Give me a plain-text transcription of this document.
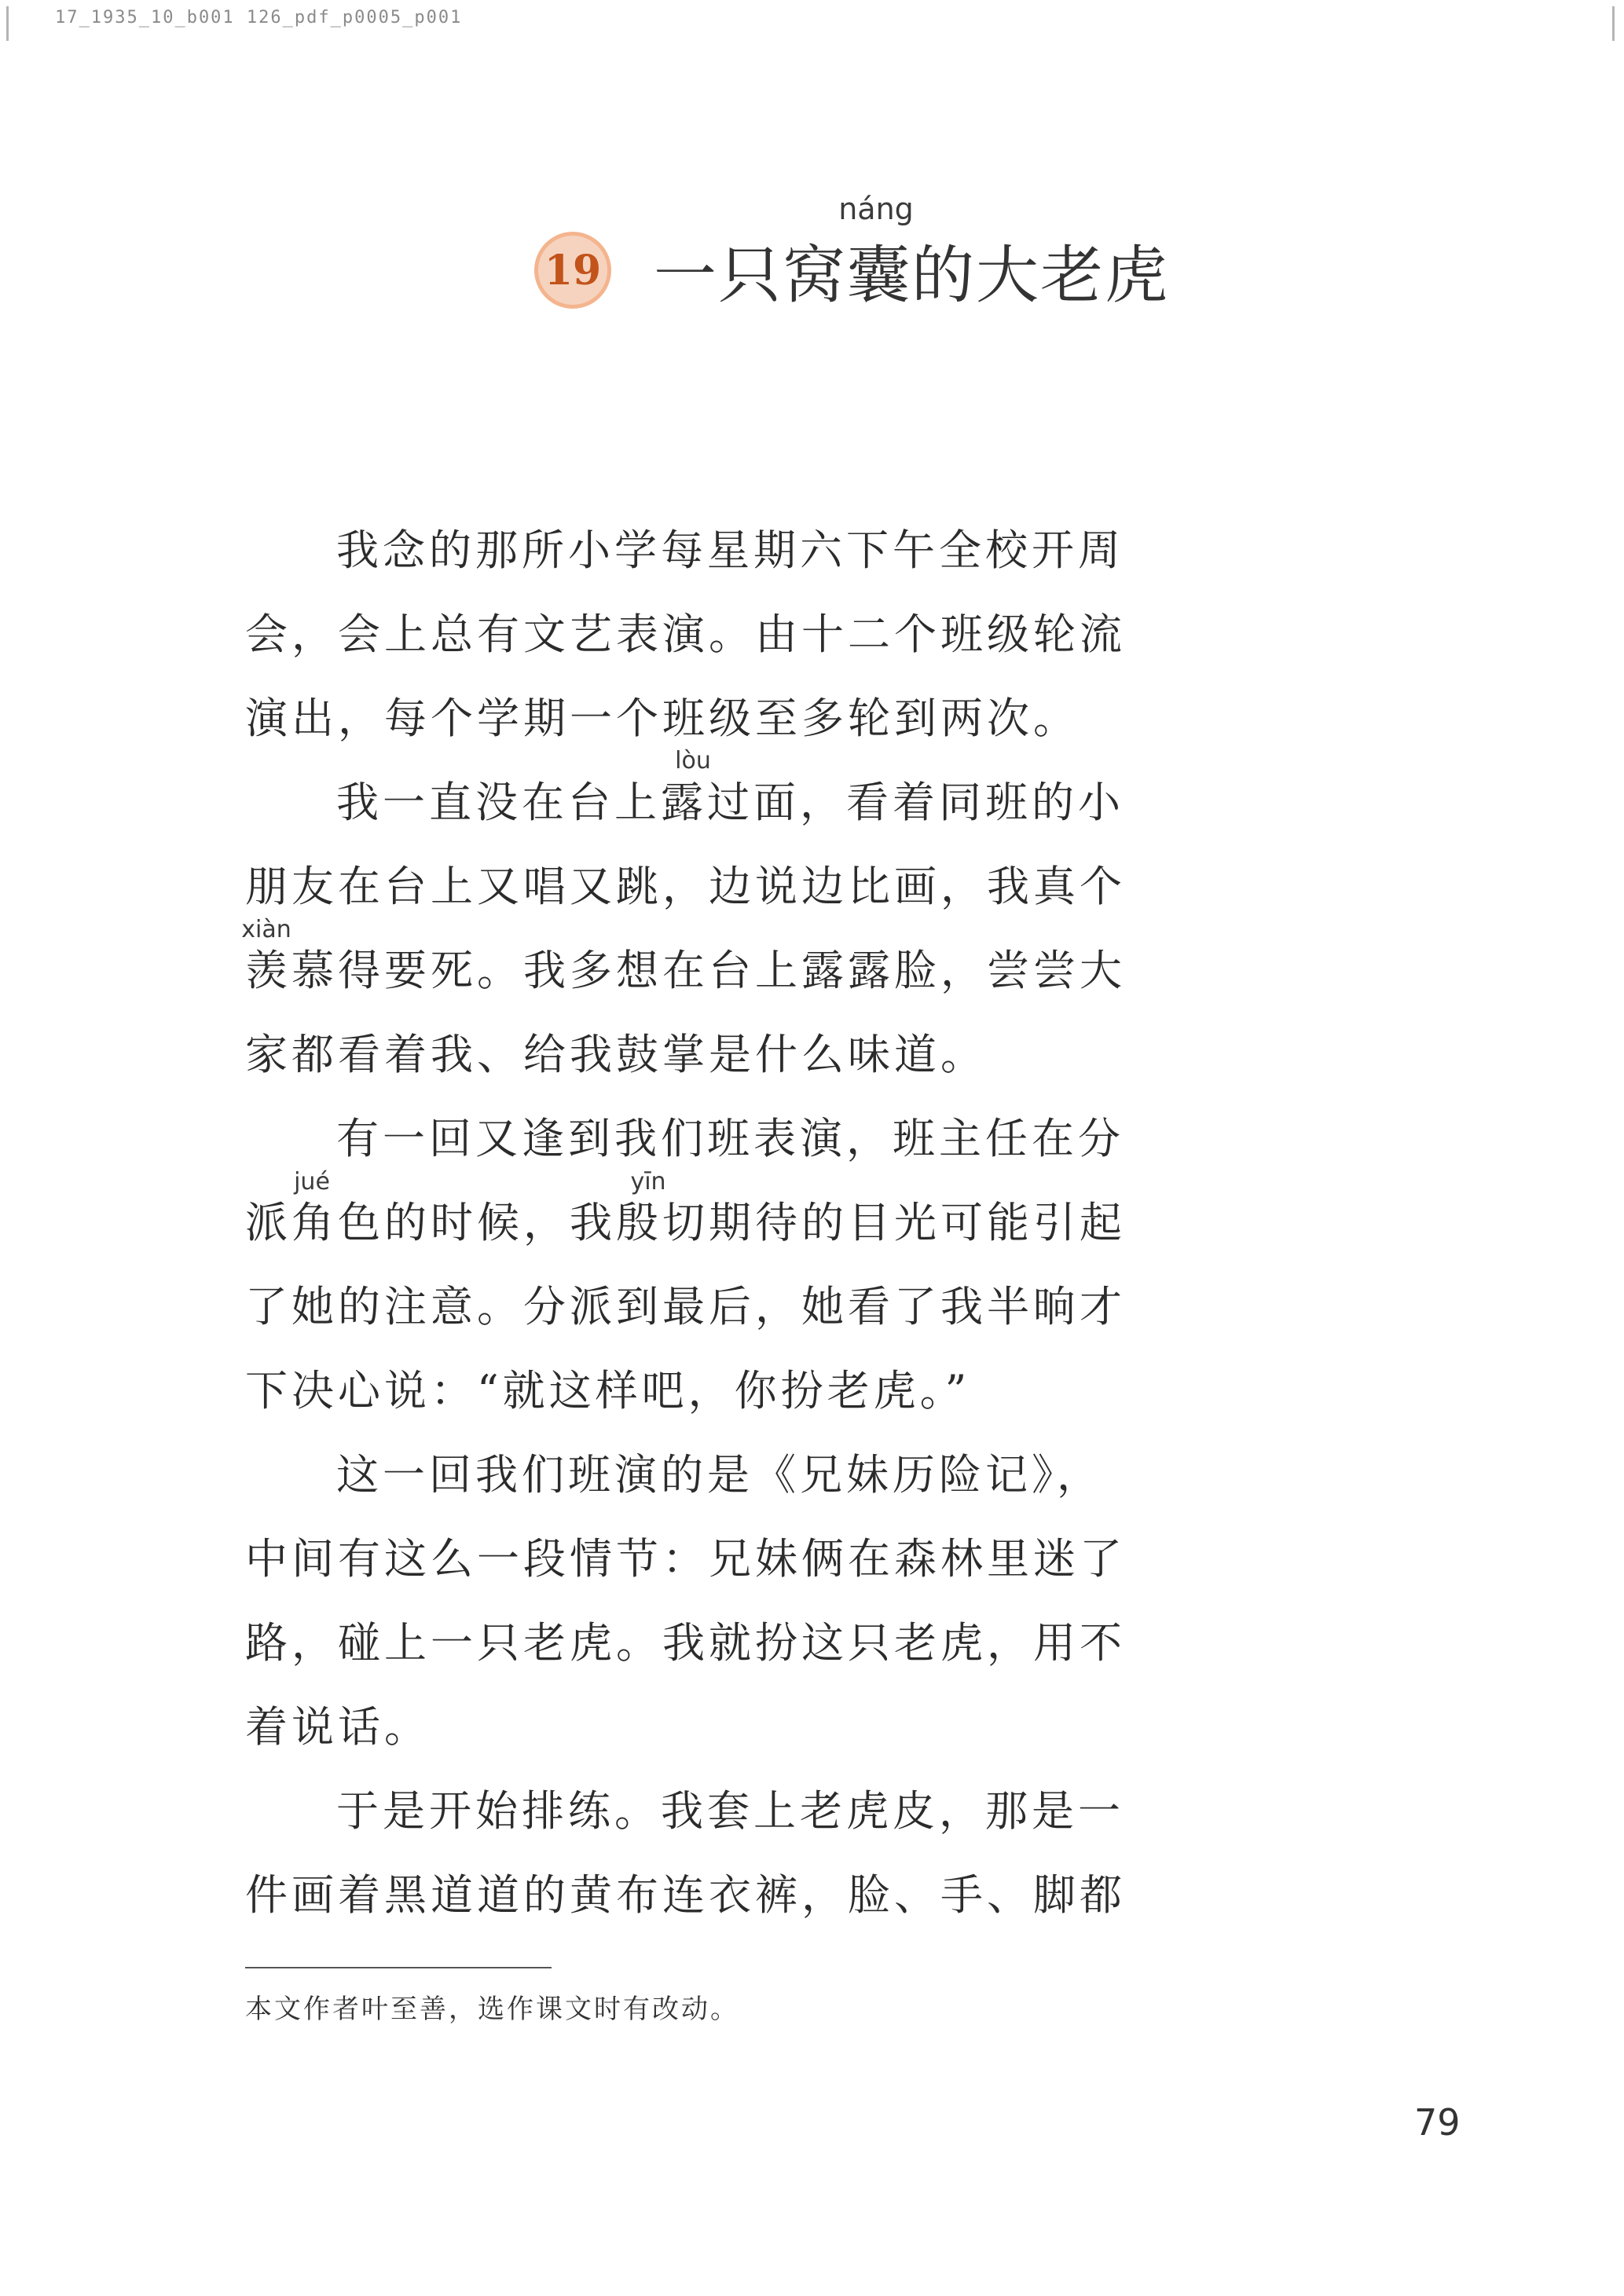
17_1935_10_b001 126_pdf_p0005_p001
19
náng
一只窝囊的大老虎
我念的那所小学每星期六下午全校开周
会，会上总有文艺表演。由十二个班级轮流
演出，每个学期一个班级至多轮到两次。
lòu
我一直没在台上露过面，看着同班的小
朋友在台上又唱又跳，边说边比画，我真个
xiàn
羡慕得要死。我多想在台上露露脸，尝尝大
家都看着我、给我鼓掌是什么味道。
有一回又逢到我们班表演，班主任在分
jué	yīn
派角色的时候，我殷切期待的目光可能引起
了她的注意。分派到最后，她看了我半晌才
下决心说：“就这样吧，你扮老虎。”
这一回我们班演的是《兄妹历险记》，
中间有这么一段情节：兄妹俩在森林里迷了
路，碰上一只老虎。我就扮这只老虎，用不
着说话。
于是开始排练。我套上老虎皮，那是一
件画着黑道道的黄布连衣裤，脸、手、脚都
本文作者叶至善，选作课文时有改动。
79
